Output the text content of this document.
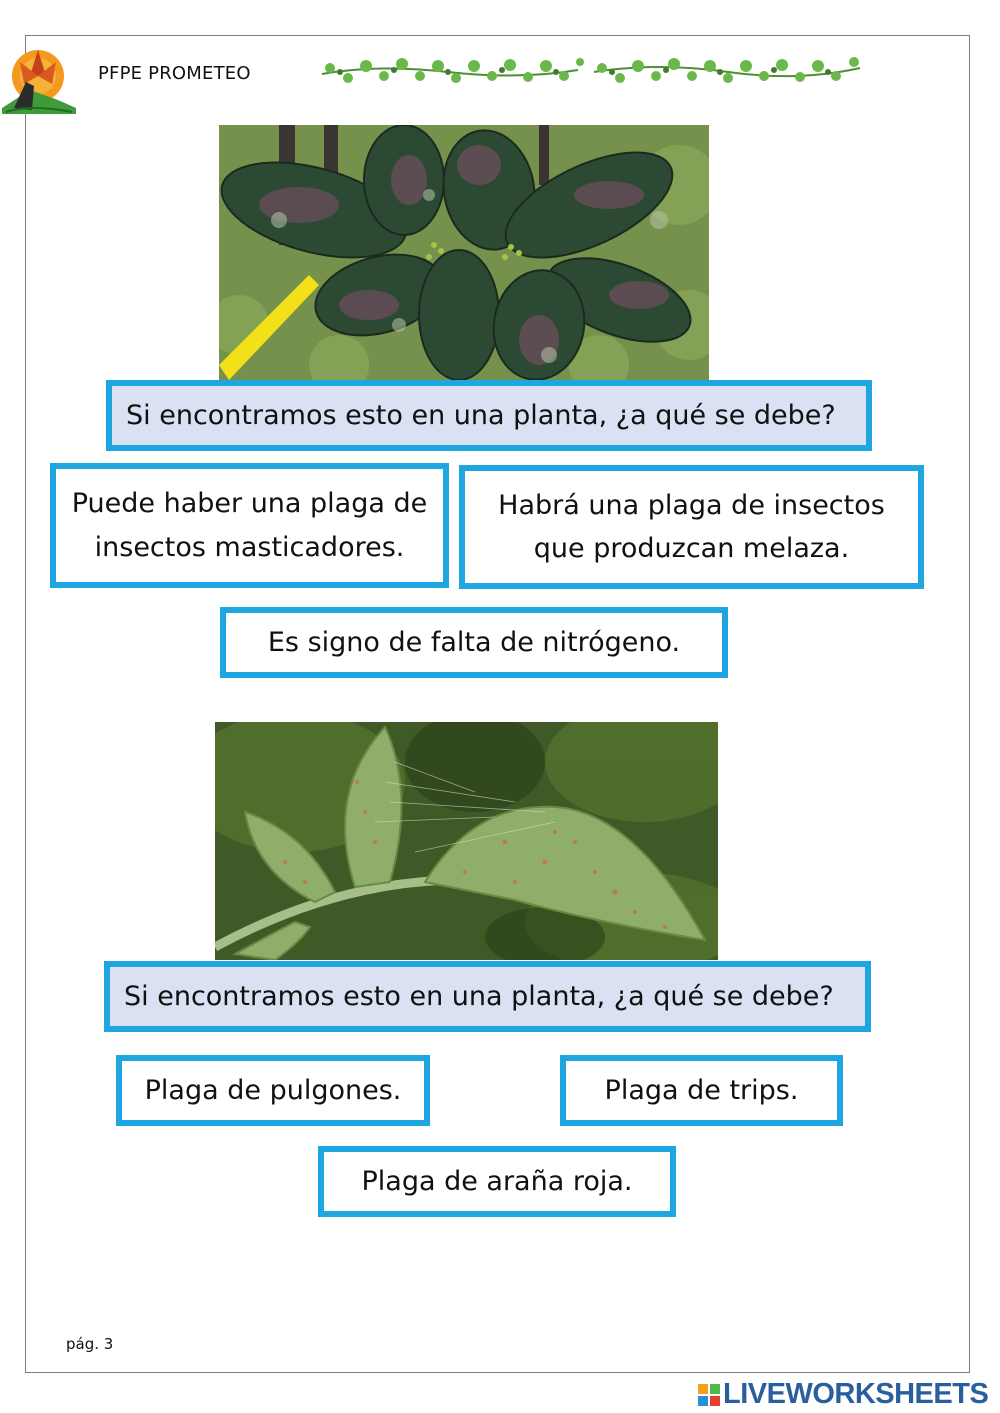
PFPE PROMETEO
Si encontramos esto en una planta, ¿a qué se debe?
Puede haber una plaga de insectos masticadores.
Habrá una plaga de insectos que produzcan melaza.
Es signo de falta de nitrógeno.
Si encontramos esto en una planta, ¿a qué se debe?
Plaga de pulgones.	Plaga de trips.
Plaga de araña roja.
pág. 3
LIVEWORKSHEETS
